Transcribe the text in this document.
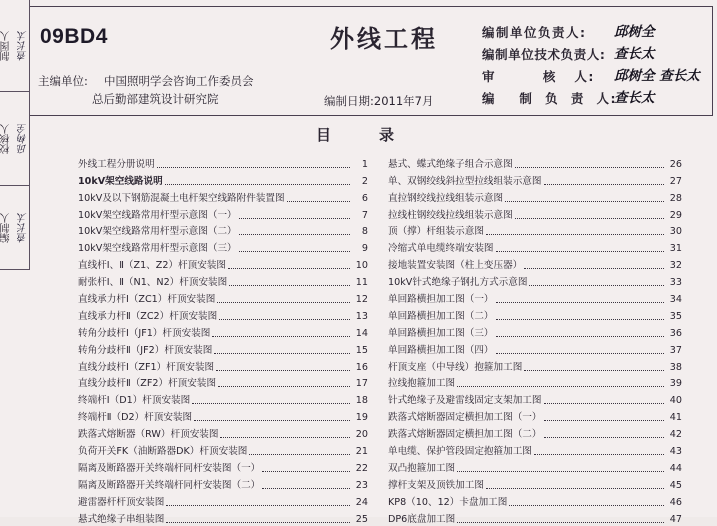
制图人 查长太
校核人 邱树全
编制人 查长太
09BD4	外线工程
主编单位: 中国照明学会咨询工作委员会
总后勤部建筑设计研究院	编制日期:2011年7月
编制单位负责人: 邱树全
编制单位技术负责人: 查长太
审        核   人: 邱树全 查长太
编    制  负  责  人:
查长太
目录
外线工程分册说明	1
10kV架空线路说明	2
10kV及以下钢筋混凝土电杆架空线路附件装置图	6
10kV架空线路常用杆型示意图（一）	7
10kV架空线路常用杆型示意图（二）	8
10kV架空线路常用杆型示意图（三）	9
直线杆Ⅰ、Ⅱ（Z1、Z2）杆顶安装图	10
耐张杆Ⅰ、Ⅱ（N1、N2）杆顶安装图	11
直线承力杆Ⅰ（ZC1）杆顶安装图	12
直线承力杆Ⅱ（ZC2）杆顶安装图	13
转角分歧杆Ⅰ（JF1）杆顶安装图	14
转角分歧杆Ⅱ（JF2）杆顶安装图	15
直线分歧杆Ⅰ（ZF1）杆顶安装图	16
直线分歧杆Ⅱ（ZF2）杆顶安装图	17
终端杆Ⅰ（D1）杆顶安装图	18
终端杆Ⅱ（D2）杆顶安装图	19
跌落式熔断器（RW）杆顶安装图	20
负荷开关FK（油断路器DK）杆顶安装图	21
隔离及断路器开关终端杆同杆安装图（一）	22
隔离及断路器开关终端杆同杆安装图（二）	23
避雷器杆杆顶安装图	24
悬式绝缘子串组装图	25
悬式、蝶式绝缘子组合示意图	26
单、双钢绞线斜拉型拉线组装示意图	27
直拉钢绞线拉线组装示意图	28
拉线柱钢绞线拉线组装示意图	29
顶（撑）杆组装示意图	30
冷缩式单电缆终端安装图	31
接地装置安装图（柱上变压器）	32
10kV针式绝缘子钢扎方式示意图	33
单回路横担加工图（一）	34
单回路横担加工图（二）	35
单回路横担加工图（三）	36
单回路横担加工图（四）	37
杆顶支座（中导线）抱箍加工图	38
拉线抱箍加工图	39
针式绝缘子及避雷线固定支架加工图	40
跌落式熔断器固定横担加工图（一）	41
跌落式熔断器固定横担加工图（二）	42
单电缆、保护管段固定抱箍加工图	43
双凸抱箍加工图	44
撑杆支架及顶铁加工图	45
KP8（10、12）卡盘加工图	46
DP6底盘加工图	47
